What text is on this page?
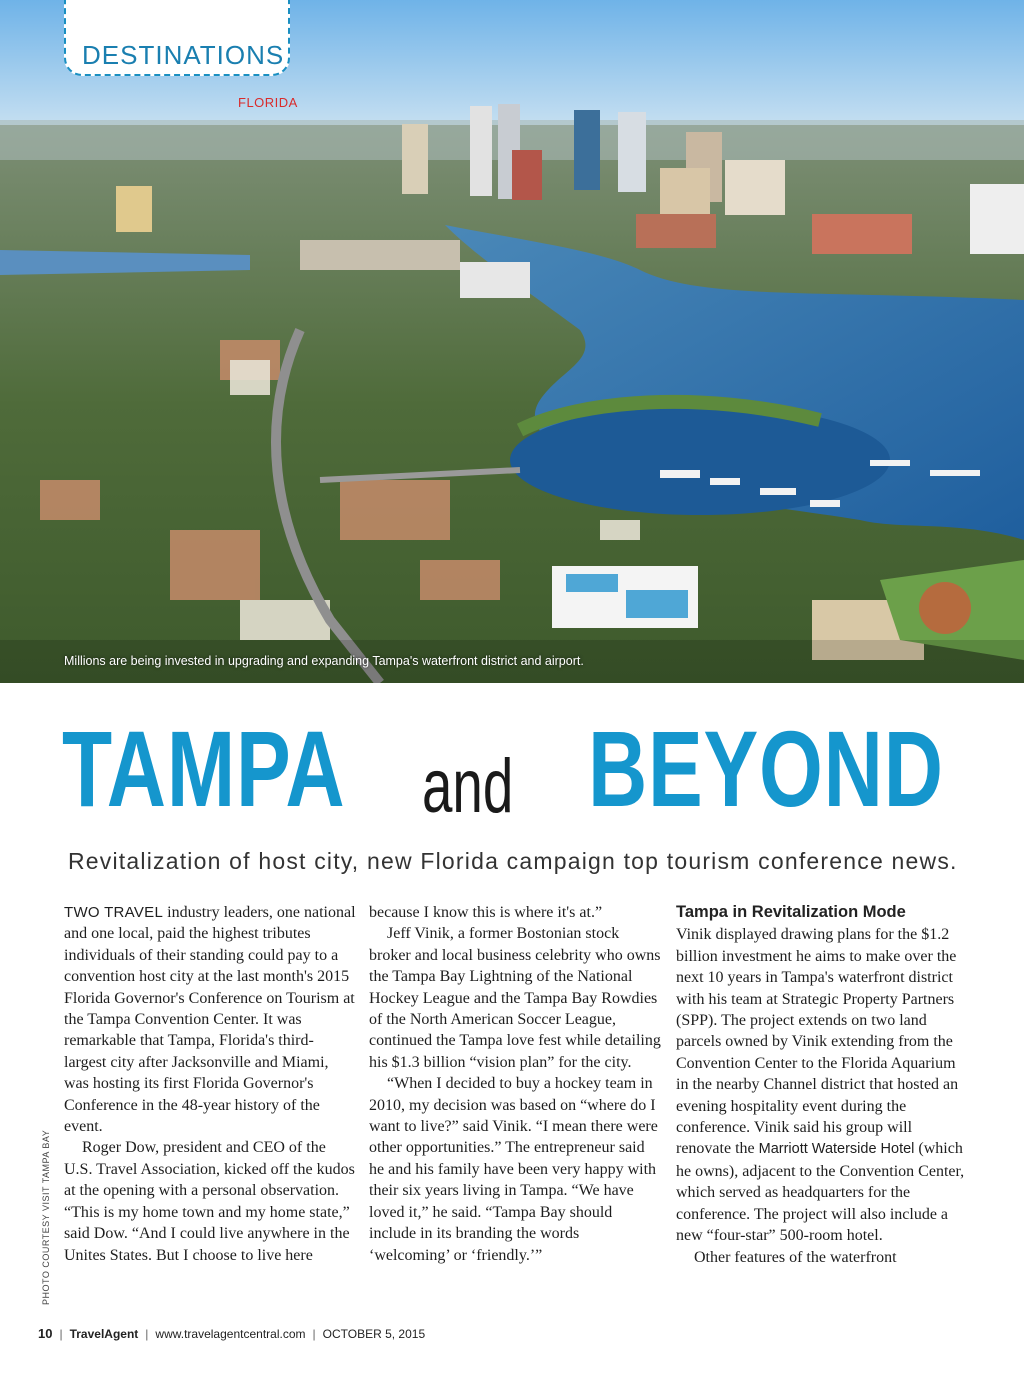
DESTINATIONS
FLORIDA
Millions are being invested in upgrading and expanding Tampa's waterfront district and airport.
TAMPA and BEYOND
Revitalization of host city, new Florida campaign top tourism conference news.

TWO TRAVEL industry leaders, one national and one local, paid the highest tributes individuals of their standing could pay to a convention host city at the last month's 2015 Florida Governor's Conference on Tourism at the Tampa Convention Center. It was remarkable that Tampa, Florida's third-largest city after Jacksonville and Miami, was hosting its first Florida Governor's Conference in the 48-year history of the event.

Roger Dow, president and CEO of the U.S. Travel Association, kicked off the kudos at the opening with a personal observation. “This is my home town and my home state,” said Dow. “And I could live anywhere in the Unites States. But I choose to live here

because I know this is where it's at.”

Jeff Vinik, a former Bostonian stock broker and local business celebrity who owns the Tampa Bay Lightning of the National Hockey League and the Tampa Bay Rowdies of the North American Soccer League, continued the Tampa love fest while detailing his $1.3 billion “vision plan” for the city.

“When I decided to buy a hockey team in 2010, my decision was based on “where do I want to live?” said Vinik. “I mean there were other opportunities.” The entrepreneur said he and his family have been very happy with their six years living in Tampa. “We have loved it,” he said. “Tampa Bay should include in its branding the words ‘welcoming’ or ‘friendly.’”

Tampa in Revitalization Mode

Vinik displayed drawing plans for the $1.2 billion investment he aims to make over the next 10 years in Tampa's waterfront district with his team at Strategic Property Partners (SPP). The project extends on two land parcels owned by Vinik extending from the Convention Center to the Florida Aquarium in the nearby Channel district that hosted an evening hospitality event during the conference. Vinik said his group will renovate the Marriott Waterside Hotel (which he owns), adjacent to the Convention Center, which served as headquarters for the conference. The project will also include a new “four-star” 500-room hotel.

Other features of the waterfront

PHOTO COURTESY VISIT TAMPA BAY
10 | TravelAgent | www.travelagentcentral.com | OCTOBER 5, 2015
